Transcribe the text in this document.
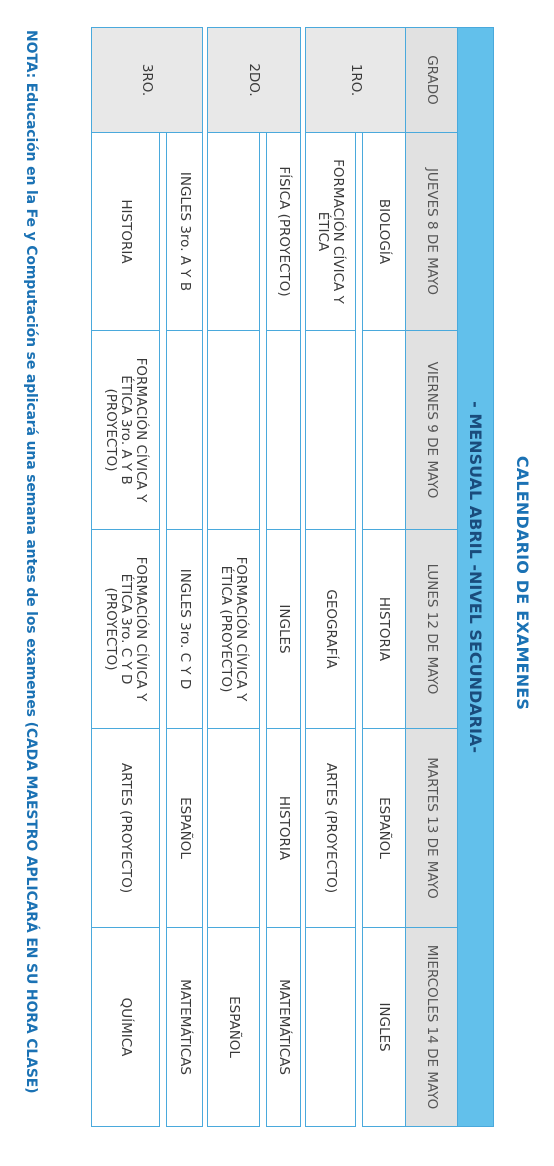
CALENDARIO DE EXAMENES
- MENSUAL ABRIL -NIVEL SECUNDARIA-					
GRADO	JUEVES 8 DE MAYO	VIERNES 9 DE MAYO	LUNES 12 DE MAYO	MARTES 13 DE MAYO	MIERCOLES 14 DE MAYO
1RO.	BIOLOGÍA		HISTORIA	ESPAÑOL	INGLES

	FORMACIÓN CÍVICA Y ÉTICA		GEOGRAFÍA	ARTES (PROYECTO)	

2DO.	FÍSICA (PROYECTO)		INGLES	HISTORIA	MATEMÁTICAS

			FORMACIÓN CÍVICA Y ÉTICA (PROYECTO)		ESPAÑOL

3RO.	INGLES 3ro. A Y B		INGLES 3ro. C Y D	ESPAÑOL	MATEMÁTICAS

	HISTORIA	FORMACIÓN CÍVICA Y ÉTICA 3ro. A Y B (PROYECTO)	FORMACIÓN CÍVICA Y ÉTICA 3ro. C Y D (PROYECTO)	ARTES (PROYECTO)	QUÍMICA
NOTA: Educación en la Fe y Computación se aplicará una semana antes de los examenes (CADA MAESTRO APLICARÁ EN SU HORA CLASE)
